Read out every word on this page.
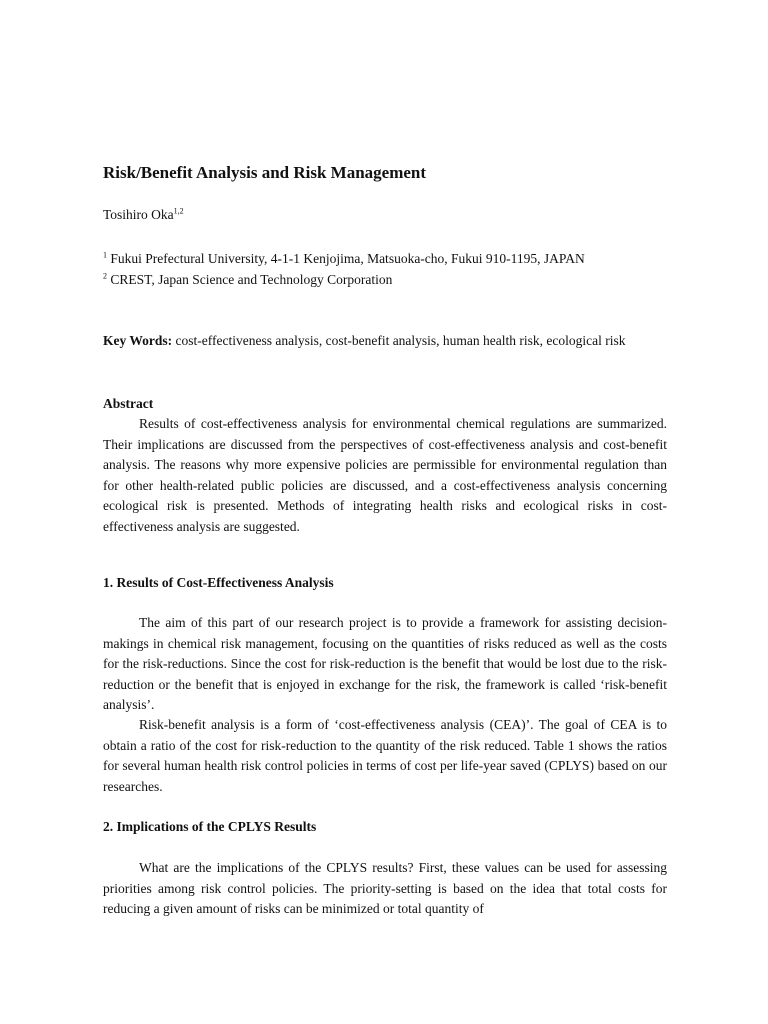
Risk/Benefit Analysis and Risk Management
Tosihiro Oka$^{1,2}$
$^1$ Fukui Prefectural University, 4-1-1 Kenjojima, Matsuoka-cho, Fukui 910-1195, JAPAN
$^2$ CREST, Japan Science and Technology Corporation
Key Words: cost-effectiveness analysis, cost-benefit analysis, human health risk, ecological risk
Abstract

Results of cost-effectiveness analysis for environmental chemical regulations are summarized. Their implications are discussed from the perspectives of cost-effectiveness analysis and cost-benefit analysis. The reasons why more expensive policies are permissible for environmental regulation than for other health-related public policies are discussed, and a cost-effectiveness analysis concerning ecological risk is presented. Methods of integrating health risks and ecological risks in cost-effectiveness analysis are suggested.

1. Results of Cost-Effectiveness Analysis

The aim of this part of our research project is to provide a framework for assisting decision-makings in chemical risk management, focusing on the quantities of risks reduced as well as the costs for the risk-reductions. Since the cost for risk-reduction is the benefit that would be lost due to the risk-reduction or the benefit that is enjoyed in exchange for the risk, the framework is called ‘risk-benefit analysis’.

Risk-benefit analysis is a form of ‘cost-effectiveness analysis (CEA)’. The goal of CEA is to obtain a ratio of the cost for risk-reduction to the quantity of the risk reduced. Table 1 shows the ratios for several human health risk control policies in terms of cost per life-year saved (CPLYS) based on our researches.

2. Implications of the CPLYS Results

What are the implications of the CPLYS results? First, these values can be used for assessing priorities among risk control policies. The priority-setting is based on the idea that total costs for reducing a given amount of risks can be minimized or total quantity of
